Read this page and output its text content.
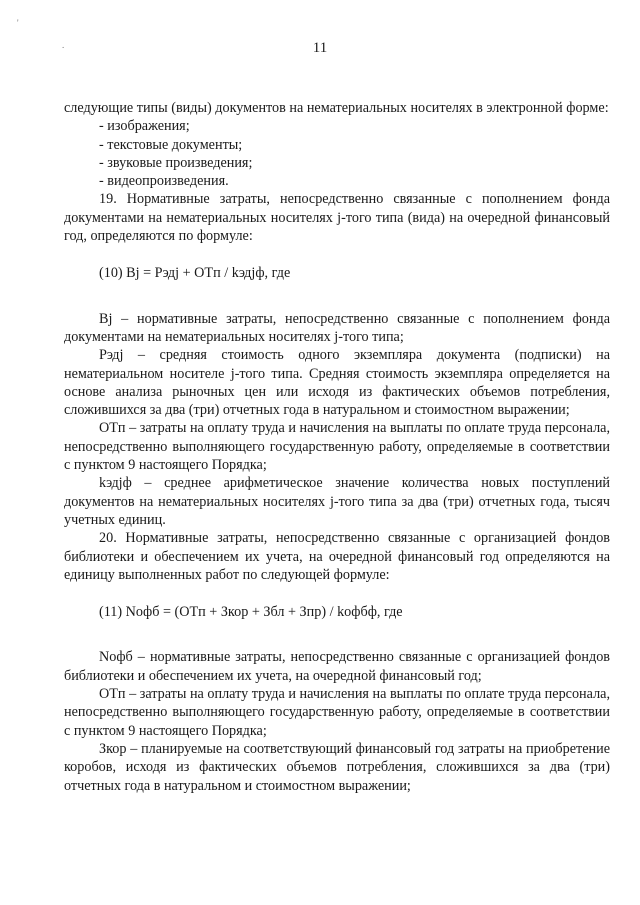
'
.	11

следующие типы (виды) документов на нематериальных носителях в электронной форме:

- изображения;

- текстовые документы;

- звуковые произведения;

- видеопроизведения.

19. Нормативные затраты, непосредственно связанные с пополнением фонда документами на нематериальных носителях j-того типа (вида) на очередной финансовый год, определяются по формуле:

(10) Bj = Pэдj + OTп / kэдjф, где

Bj – нормативные затраты, непосредственно связанные с пополнением фонда документами на нематериальных носителях j-того типа;

Pэдj – средняя стоимость одного экземпляра документа (подписки) на нематериальном носителе j-того типа. Средняя стоимость экземпляра определяется на основе анализа рыночных цен или исходя из фактических объемов потребления, сложившихся за два (три) отчетных года в натуральном и стоимостном выражении;

OTп – затраты на оплату труда и начисления на выплаты по оплате труда персонала, непосредственно выполняющего государственную работу, определяемые в соответствии с пунктом 9 настоящего Порядка;

kэдjф – среднее арифметическое значение количества новых поступлений документов на нематериальных носителях j-того типа за два (три) отчетных года, тысяч учетных единиц.

20. Нормативные затраты, непосредственно связанные с организацией фондов библиотеки и обеспечением их учета, на очередной финансовый год определяются на единицу выполненных работ по следующей формуле:

(11) Nофб = (OTп + Зкор + Збл + Зпр) / kофбф, где

Nофб – нормативные затраты, непосредственно связанные с организацией фондов библиотеки и обеспечением их учета, на очередной финансовый год;

OTп – затраты на оплату труда и начисления на выплаты по оплате труда персонала, непосредственно выполняющего государственную работу, определяемые в соответствии с пунктом 9 настоящего Порядка;

Зкор – планируемые на соответствующий финансовый год затраты на приобретение коробов, исходя из фактических объемов потребления, сложившихся за два (три) отчетных года в натуральном и стоимостном выражении;
